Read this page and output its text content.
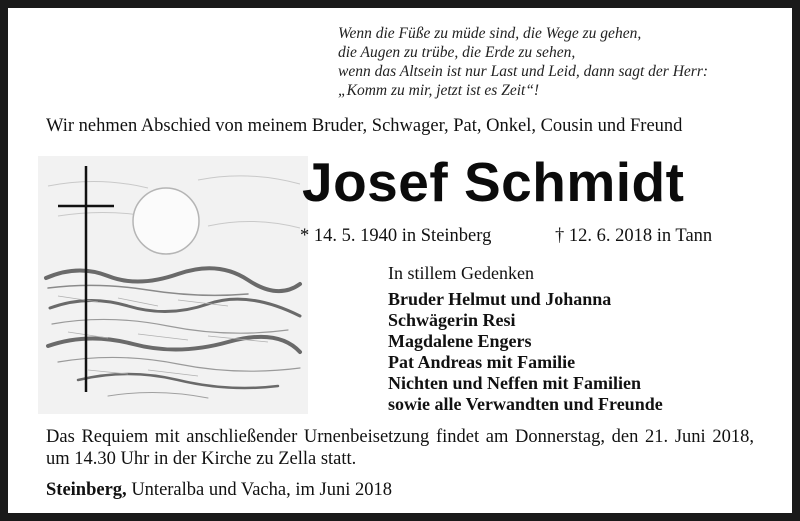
Wenn die Füße zu müde sind, die Wege zu gehen,
die Augen zu trübe, die Erde zu sehen,
wenn das Altsein ist nur Last und Leid, dann sagt der Herr:
„Komm zu mir, jetzt ist es Zeit“!
Wir nehmen Abschied von meinem Bruder, Schwager, Pat, Onkel, Cousin und Freund
Josef Schmidt
* 14. 5. 1940 in Steinberg	† 12. 6. 2018 in Tann
In stillem Gedenken
Bruder Helmut und Johanna
Schwägerin Resi
Magdalene Engers
Pat Andreas mit Familie
Nichten und Neffen mit Familien
sowie alle Verwandten und Freunde
Das Requiem mit anschließender Urnenbeisetzung findet am Donnerstag, den 21. Juni 2018, um 14.30 Uhr in der Kirche zu Zella statt.
Steinberg, Unteralba und Vacha, im Juni 2018
